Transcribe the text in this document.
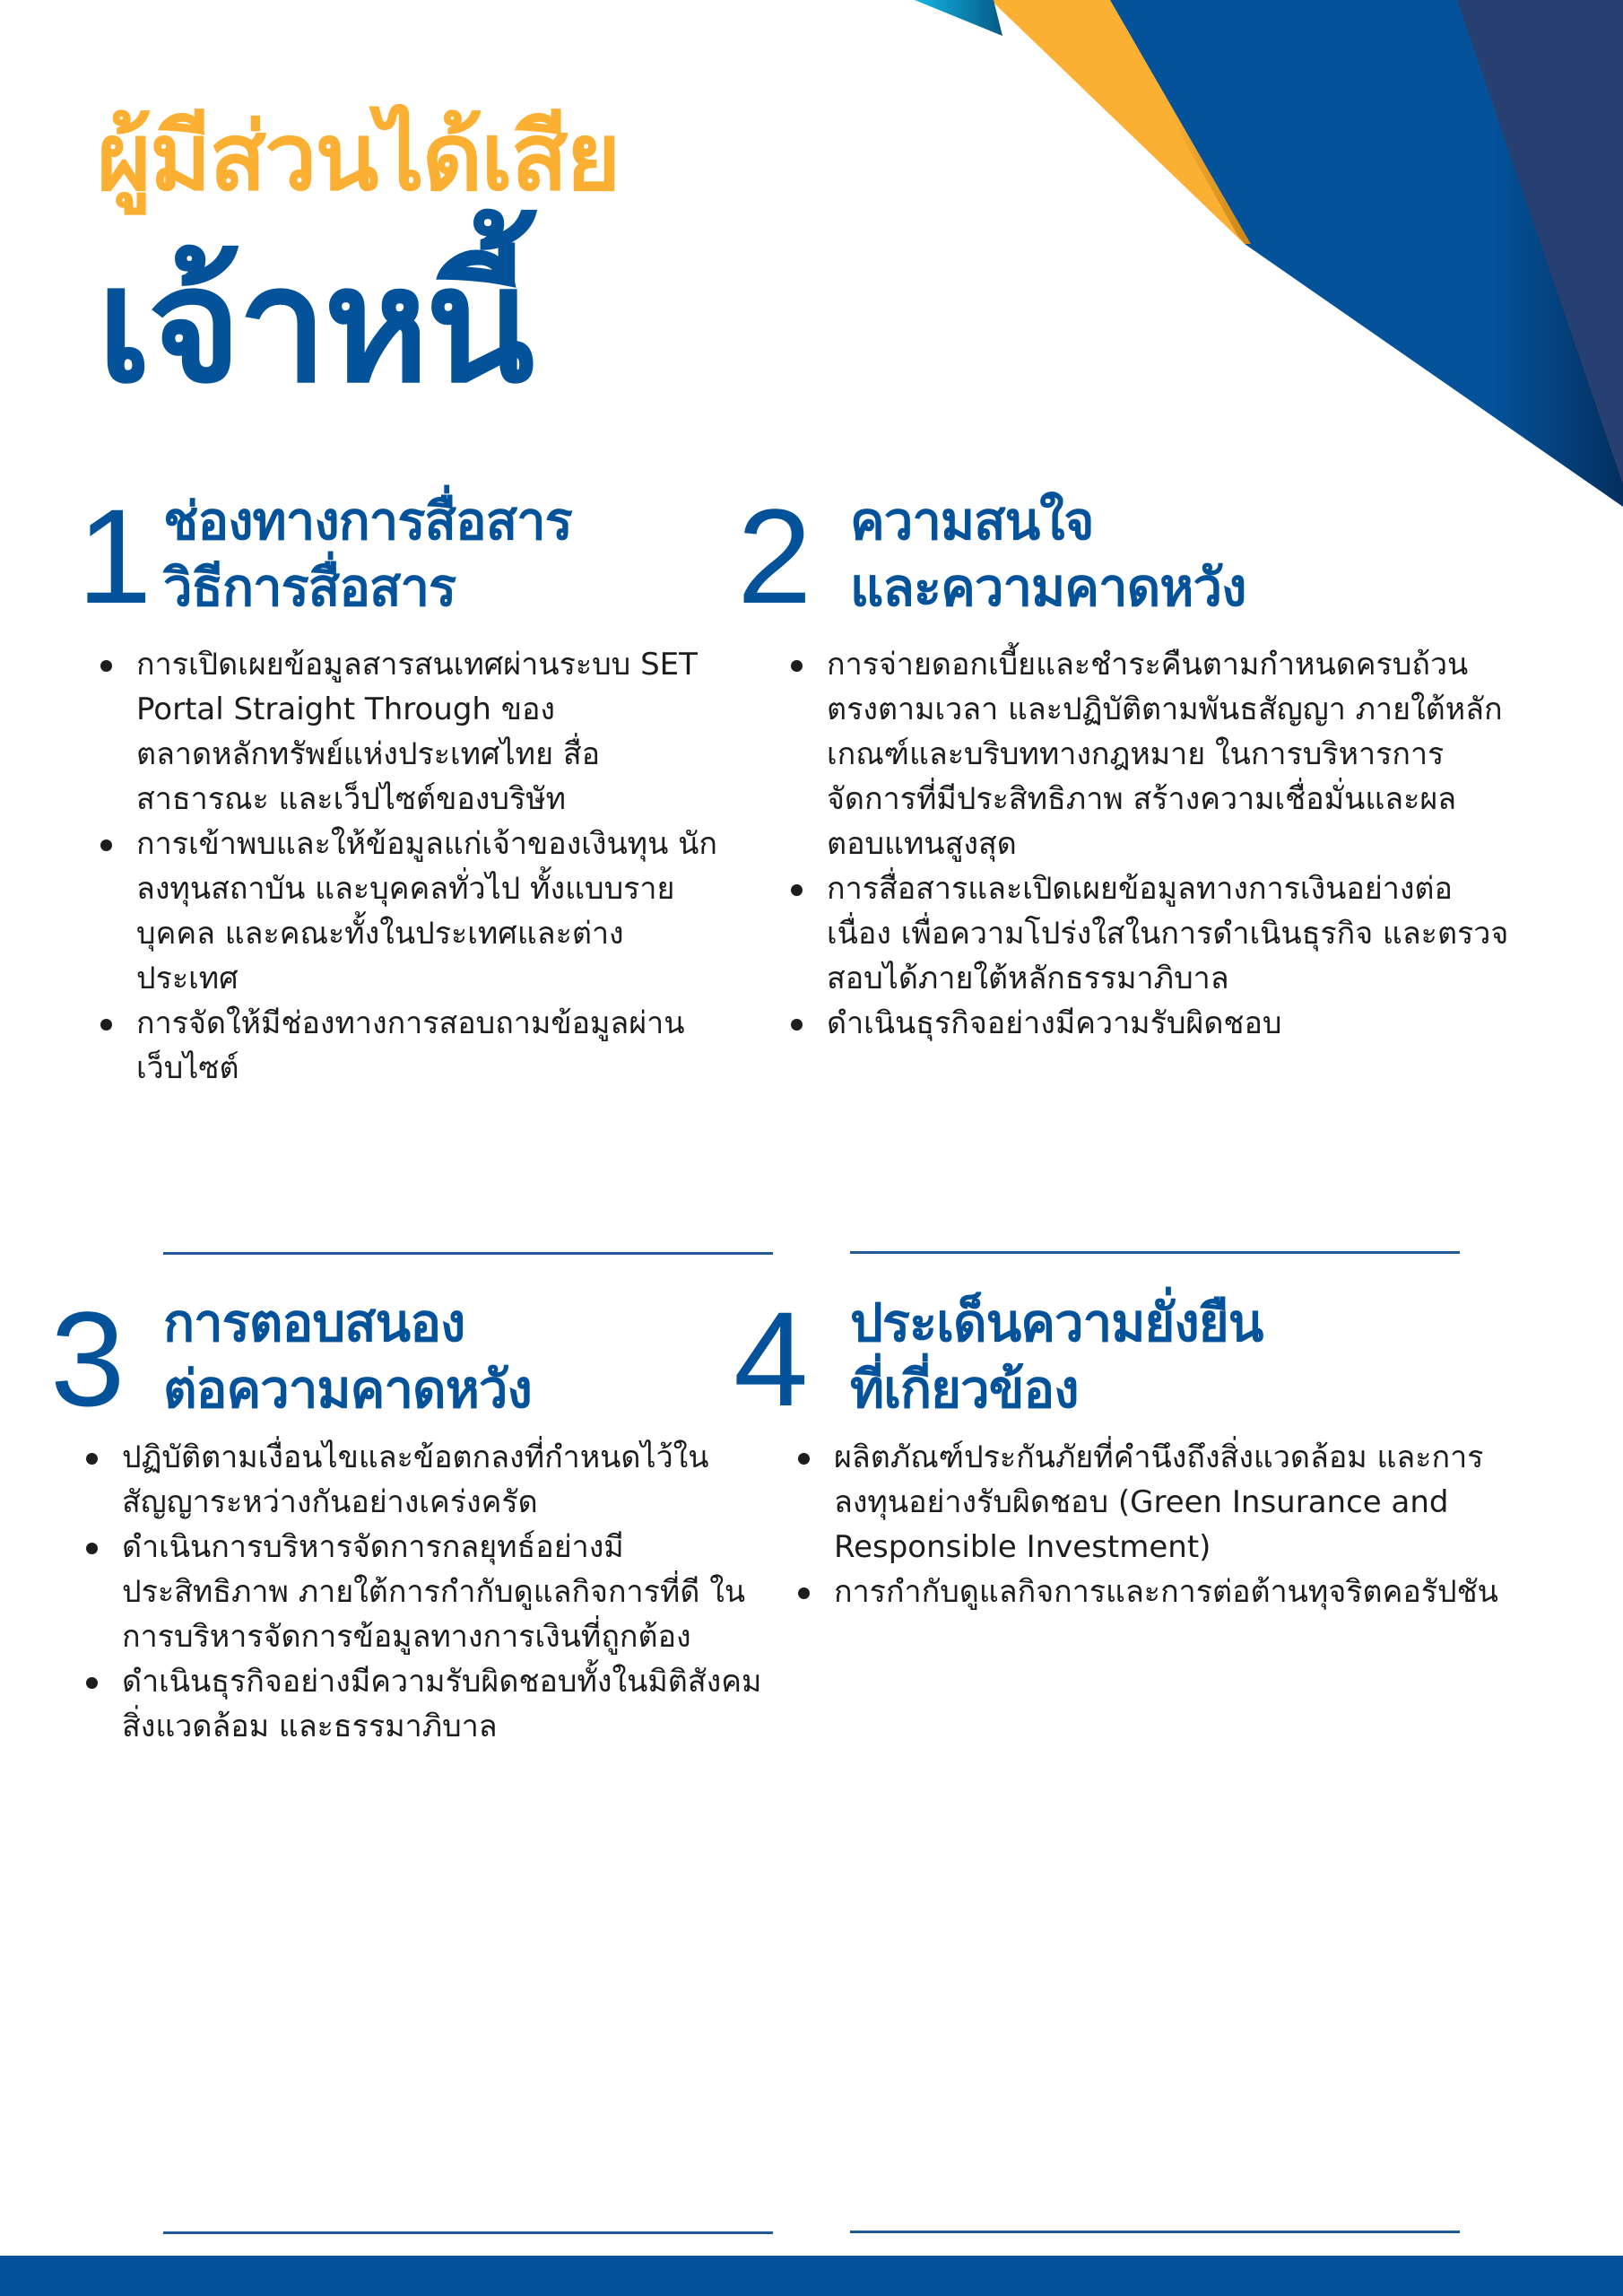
ผู้มีส่วนได้เสีย
เจ้าหนี้
1 ช่องทางการสื่อสาร
วิธีการสื่อสาร
การเปิดเผยข้อมูลสารสนเทศผ่านระบบ SET Portal Straight Through ของตลาดหลักทรัพย์แห่งประเทศไทย สื่อสาธารณะ และเว็ปไซต์ของบริษัท
การเข้าพบและให้ข้อมูลแก่เจ้าของเงินทุน นักลงทุนสถาบัน และบุคคลทั่วไป ทั้งแบบรายบุคคล และคณะทั้งในประเทศและต่างประเทศ
การจัดให้มีช่องทางการสอบถามข้อมูลผ่านเว็บไซต์
2 ความสนใจ
และความคาดหวัง
การจ่ายดอกเบี้ยและชำระคืนตามกำหนดครบถ้วน ตรงตามเวลา และปฏิบัติตามพันธสัญญา ภายใต้หลักเกณฑ์และบริบททางกฎหมาย ในการบริหารการจัดการที่มีประสิทธิภาพ สร้างความเชื่อมั่นและผลตอบแทนสูงสุด
การสื่อสารและเปิดเผยข้อมูลทางการเงินอย่างต่อเนื่อง เพื่อความโปร่งใสในการดำเนินธุรกิจ และตรวจสอบได้ภายใต้หลักธรรมาภิบาล
ดำเนินธุรกิจอย่างมีความรับผิดชอบ
3 การตอบสนอง
ต่อความคาดหวัง
ปฏิบัติตามเงื่อนไขและข้อตกลงที่กำหนดไว้ในสัญญาระหว่างกันอย่างเคร่งครัด
ดำเนินการบริหารจัดการกลยุทธ์อย่างมีประสิทธิภาพ ภายใต้การกำกับดูแลกิจการที่ดี ในการบริหารจัดการข้อมูลทางการเงินที่ถูกต้อง
ดำเนินธุรกิจอย่างมีความรับผิดชอบทั้งในมิติสังคม สิ่งแวดล้อม และธรรมาภิบาล
4 ประเด็นความยั่งยืน
ที่เกี่ยวข้อง
ผลิตภัณฑ์ประกันภัยที่คำนึงถึงสิ่งแวดล้อม และการลงทุนอย่างรับผิดชอบ (Green Insurance and Responsible Investment)
การกำกับดูแลกิจการและการต่อต้านทุจริตคอรัปชัน
